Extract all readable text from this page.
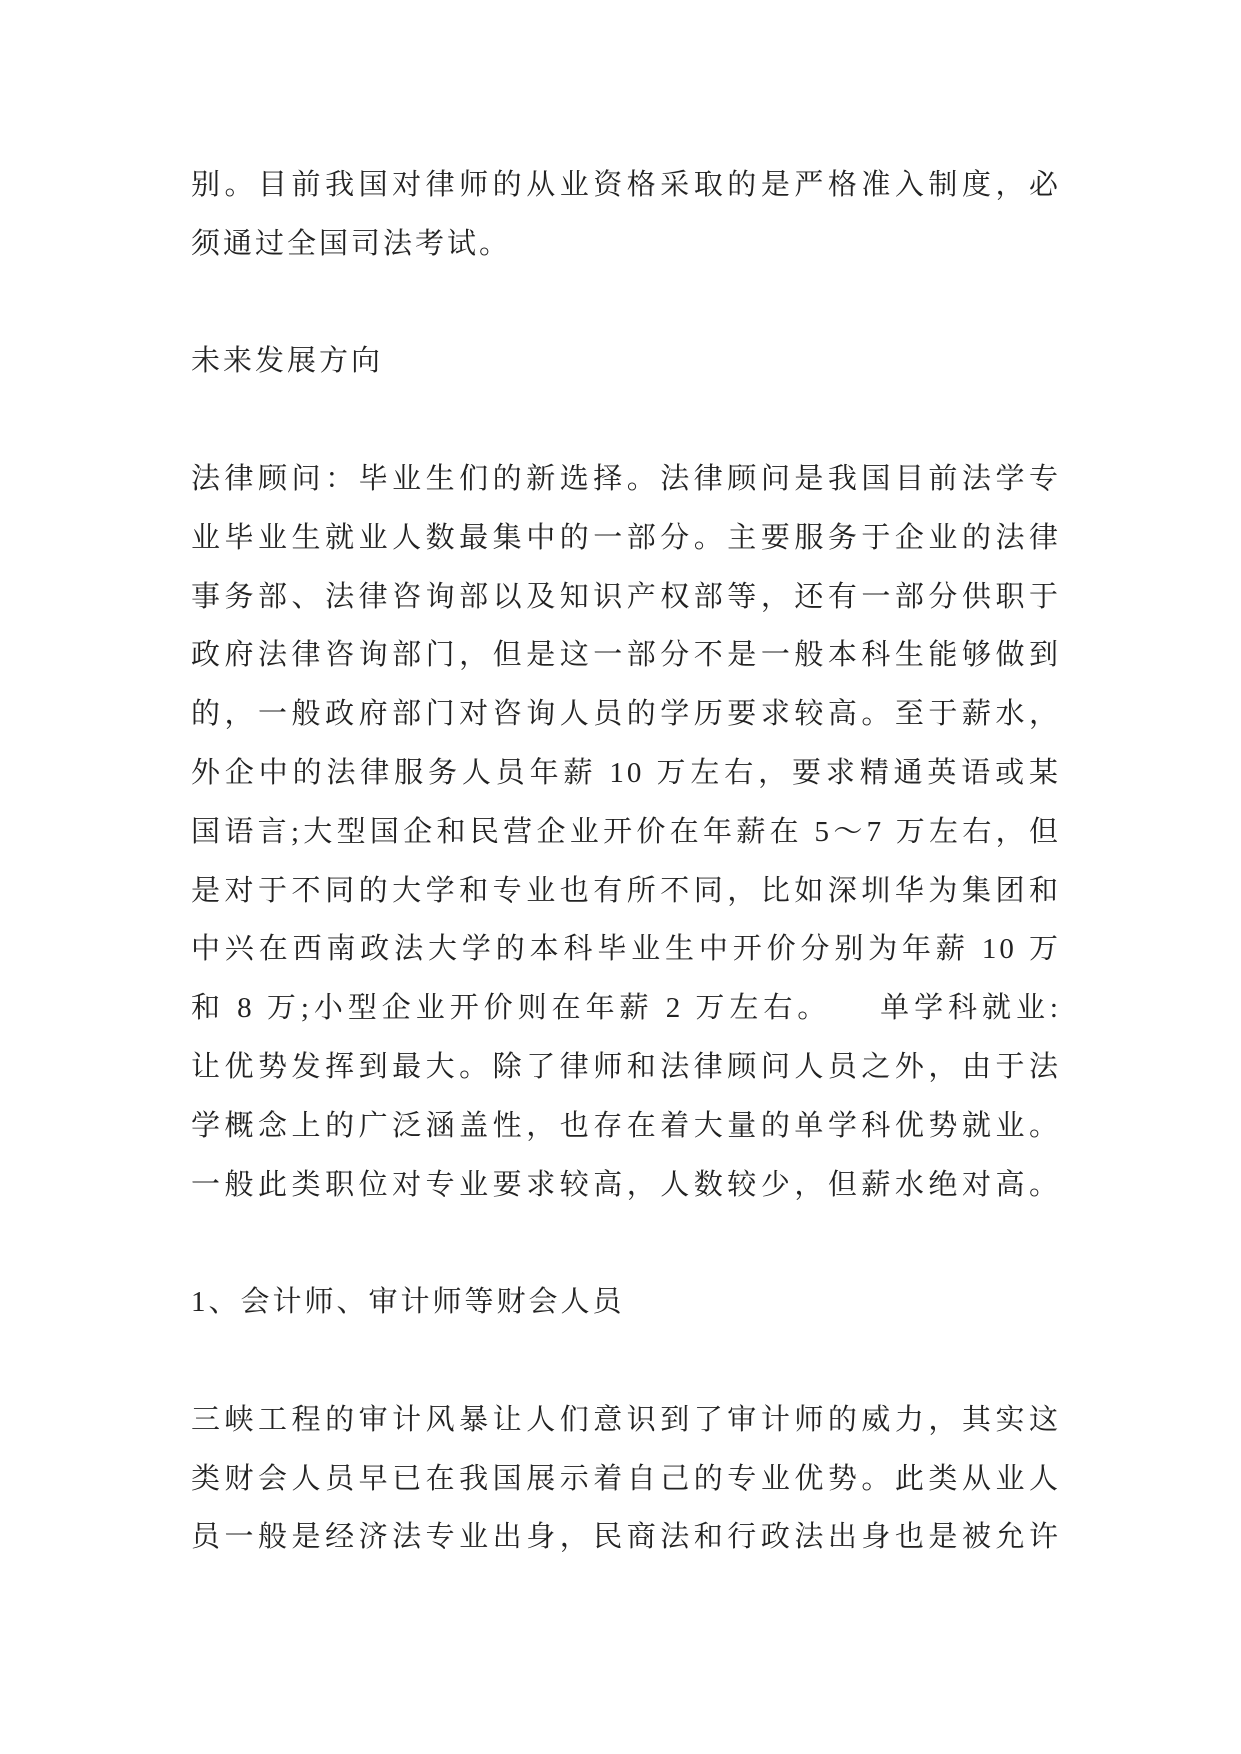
别。目前我国对律师的从业资格采取的是严格准入制度，必
须通过全国司法考试。
未来发展方向
法律顾问：毕业生们的新选择。法律顾问是我国目前法学专
业毕业生就业人数最集中的一部分。主要服务于企业的法律
事务部、法律咨询部以及知识产权部等，还有一部分供职于
政府法律咨询部门，但是这一部分不是一般本科生能够做到
的，一般政府部门对咨询人员的学历要求较高。至于薪水，
外企中的法律服务人员年薪 10 万左右，要求精通英语或某
国语言;大型国企和民营企业开价在年薪在 5～7 万左右，但
是对于不同的大学和专业也有所不同，比如深圳华为集团和
中兴在西南政法大学的本科毕业生中开价分别为年薪 10 万
和 8 万;小型企业开价则在年薪 2 万左右。    单学科就业:
让优势发挥到最大。除了律师和法律顾问人员之外，由于法
学概念上的广泛涵盖性，也存在着大量的单学科优势就业。
一般此类职位对专业要求较高，人数较少，但薪水绝对高。
1、会计师、审计师等财会人员
三峡工程的审计风暴让人们意识到了审计师的威力，其实这
类财会人员早已在我国展示着自己的专业优势。此类从业人
员一般是经济法专业出身，民商法和行政法出身也是被允许
